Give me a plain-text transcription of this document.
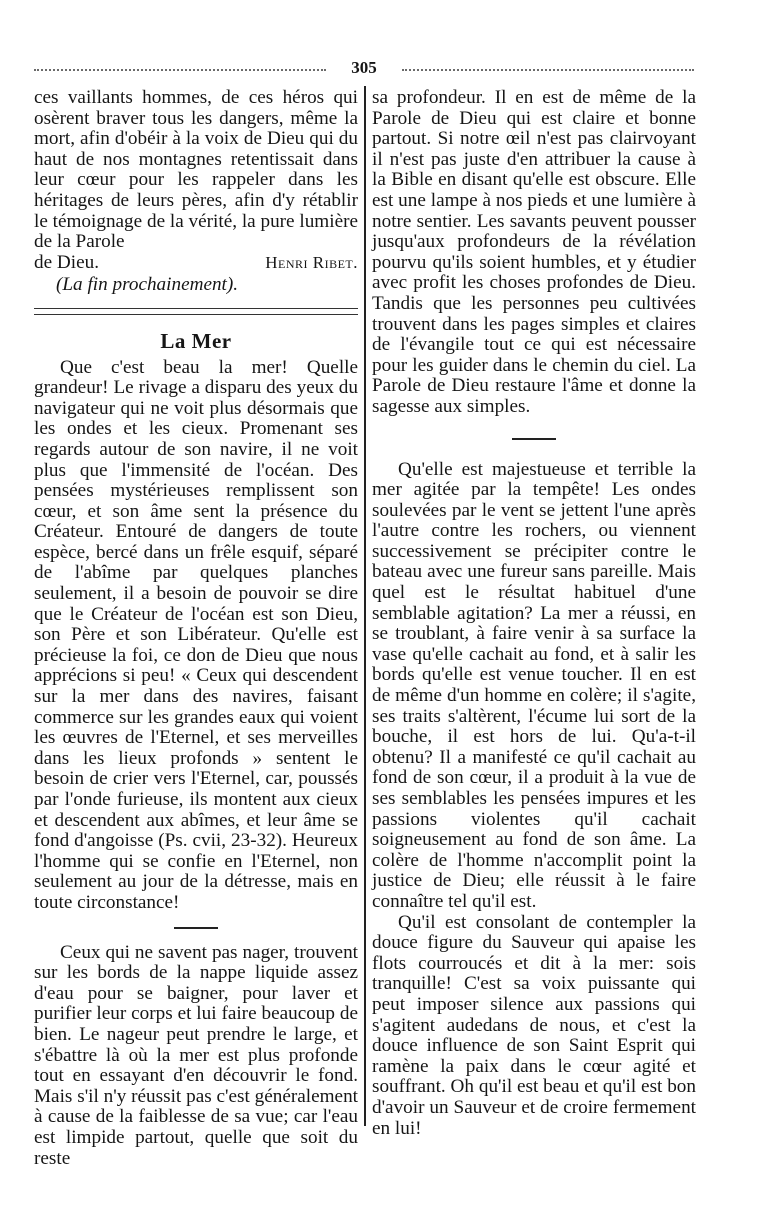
305

ces vaillants hommes, de ces héros qui osèrent braver tous les dangers, même la mort, afin d'obéir à la voix de Dieu qui du haut de nos montagnes retentissait dans leur cœur pour les rappeler dans les héritages de leurs pères, afin d'y rétablir le témoignage de la vérité, la pure lumière de la Parole

de Dieu.	Henri Ribet.

(La fin prochainement).

La Mer

Que c'est beau la mer! Quelle grandeur! Le rivage a disparu des yeux du navigateur qui ne voit plus désormais que les ondes et les cieux. Promenant ses regards autour de son navire, il ne voit plus que l'immensité de l'océan. Des pensées mystérieuses remplissent son cœur, et son âme sent la présence du Créateur. Entouré de dangers de toute espèce, bercé dans un frêle esquif, séparé de l'abîme par quelques planches seulement, il a besoin de pouvoir se dire que le Créateur de l'océan est son Dieu, son Père et son Libérateur. Qu'elle est précieuse la foi, ce don de Dieu que nous apprécions si peu! « Ceux qui descendent sur la mer dans des navires, faisant commerce sur les grandes eaux qui voient les œuvres de l'Eternel, et ses merveilles dans les lieux profonds » sentent le besoin de crier vers l'Eternel, car, poussés par l'onde furieuse, ils montent aux cieux et descendent aux abîmes, et leur âme se fond d'angoisse (Ps. cvii, 23-32). Heureux l'homme qui se confie en l'Eternel, non seulement au jour de la détresse, mais en toute circonstance!

Ceux qui ne savent pas nager, trouvent sur les bords de la nappe liquide assez d'eau pour se baigner, pour laver et purifier leur corps et lui faire beaucoup de bien. Le nageur peut prendre le large, et s'ébattre là où la mer est plus profonde tout en essayant d'en découvrir le fond. Mais s'il n'y réussit pas c'est généralement à cause de la faiblesse de sa vue; car l'eau est limpide partout, quelle que soit du reste

sa profondeur. Il en est de même de la Parole de Dieu qui est claire et bonne partout. Si notre œil n'est pas clairvoyant il n'est pas juste d'en attribuer la cause à la Bible en disant qu'elle est obscure. Elle est une lampe à nos pieds et une lumière à notre sentier. Les savants peuvent pousser jusqu'aux profondeurs de la révélation pourvu qu'ils soient humbles, et y étudier avec profit les choses profondes de Dieu. Tandis que les personnes peu cultivées trouvent dans les pages simples et claires de l'évangile tout ce qui est nécessaire pour les guider dans le chemin du ciel. La Parole de Dieu restaure l'âme et donne la sagesse aux simples.

Qu'elle est majestueuse et terrible la mer agitée par la tempête! Les ondes soulevées par le vent se jettent l'une après l'autre contre les rochers, ou viennent successivement se précipiter contre le bateau avec une fureur sans pareille. Mais quel est le résultat habituel d'une semblable agitation? La mer a réussi, en se troublant, à faire venir à sa surface la vase qu'elle cachait au fond, et à salir les bords qu'elle est venue toucher. Il en est de même d'un homme en colère; il s'agite, ses traits s'altèrent, l'écume lui sort de la bouche, il est hors de lui. Qu'a-t-il obtenu? Il a manifesté ce qu'il cachait au fond de son cœur, il a produit à la vue de ses semblables les pensées impures et les passions violentes qu'il cachait soigneusement au fond de son âme. La colère de l'homme n'accomplit point la justice de Dieu; elle réussit à le faire connaître tel qu'il est.

Qu'il est consolant de contempler la douce figure du Sauveur qui apaise les flots courroucés et dit à la mer: sois tranquille! C'est sa voix puissante qui peut imposer silence aux passions qui s'agitent audedans de nous, et c'est la douce influence de son Saint Esprit qui ramène la paix dans le cœur agité et souffrant. Oh qu'il est beau et qu'il est bon d'avoir un Sauveur et de croire fermement en lui!
